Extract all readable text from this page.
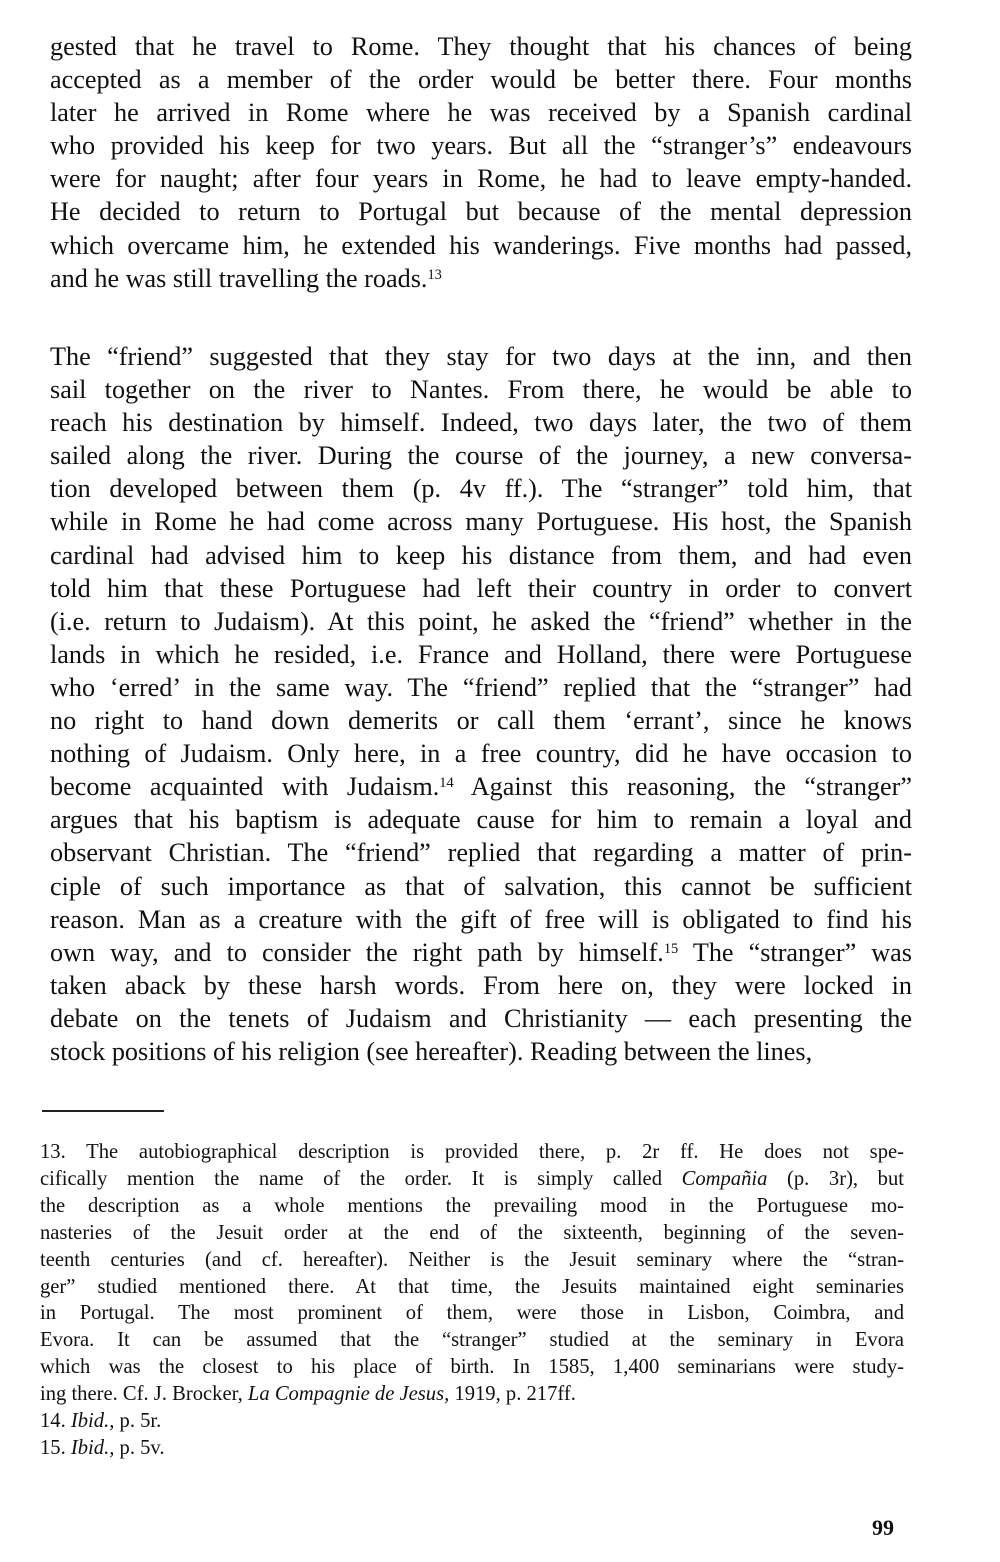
gested that he travel to Rome. They thought that his chances of being
accepted as a member of the order would be better there. Four months
later he arrived in Rome where he was received by a Spanish cardinal
who provided his keep for two years. But all the “stranger’s” endeavours
were for naught; after four years in Rome, he had to leave empty-handed.
He decided to return to Portugal but because of the mental depression
which overcame him, he extended his wanderings. Five months had passed,
and he was still travelling the roads.$^{13}$
The “friend” suggested that they stay for two days at the inn, and then
sail together on the river to Nantes. From there, he would be able to
reach his destination by himself. Indeed, two days later, the two of them
sailed along the river. During the course of the journey, a new conversa-
tion developed between them (p. 4v ff.). The “stranger” told him, that
while in Rome he had come across many Portuguese. His host, the Spanish
cardinal had advised him to keep his distance from them, and had even
told him that these Portuguese had left their country in order to convert
(i.e. return to Judaism). At this point, he asked the “friend” whether in the
lands in which he resided, i.e. France and Holland, there were Portuguese
who ‘erred’ in the same way. The “friend” replied that the “stranger” had
no right to hand down demerits or call them ‘errant’, since he knows
nothing of Judaism. Only here, in a free country, did he have occasion to
become acquainted with Judaism.$^{14}$ Against this reasoning, the “stranger”
argues that his baptism is adequate cause for him to remain a loyal and
observant Christian. The “friend” replied that regarding a matter of prin-
ciple of such importance as that of salvation, this cannot be sufficient
reason. Man as a creature with the gift of free will is obligated to find his
own way, and to consider the right path by himself.$^{15}$ The “stranger” was
taken aback by these harsh words. From here on, they were locked in
debate on the tenets of Judaism and Christianity — each presenting the
stock positions of his religion (see hereafter). Reading between the lines,
13. The autobiographical description is provided there, p. 2r ff. He does not spe-
cifically mention the name of the order. It is simply called Compañia (p. 3r), but
the description as a whole mentions the prevailing mood in the Portuguese mo-
nasteries of the Jesuit order at the end of the sixteenth, beginning of the seven-
teenth centuries (and cf. hereafter). Neither is the Jesuit seminary where the “stran-
ger” studied mentioned there. At that time, the Jesuits maintained eight seminaries
in Portugal. The most prominent of them, were those in Lisbon, Coimbra, and
Evora. It can be assumed that the “stranger” studied at the seminary in Evora
which was the closest to his place of birth. In 1585, 1,400 seminarians were study-
ing there. Cf. J. Brocker, La Compagnie de Jesus, 1919, p. 217ff.
14. Ibid., p. 5r.
15. Ibid., p. 5v.
99
